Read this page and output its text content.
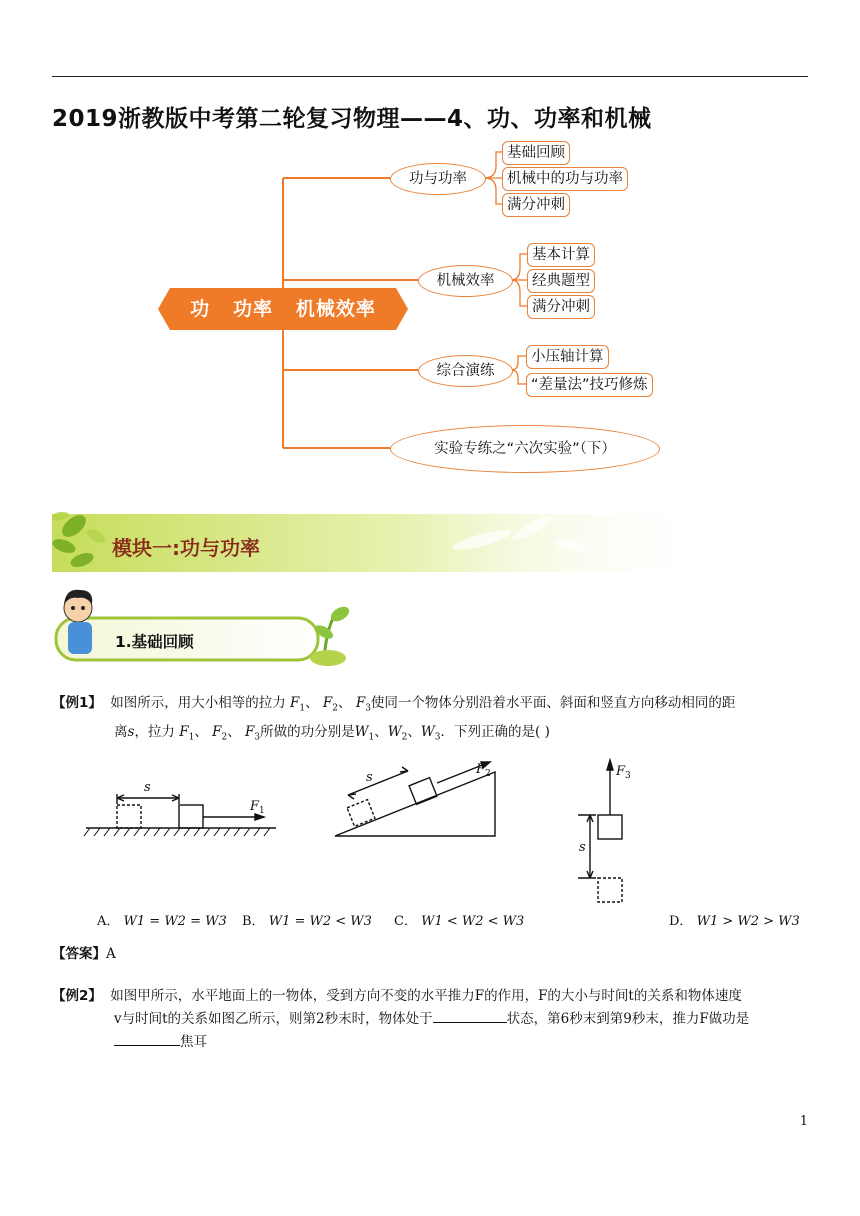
2019浙教版中考第二轮复习物理——4、功、功率和机械
功   功率   机械效率
功与功率
机械效率
综合演练
实验专练之“六次实验”（下）
基础回顾
机械中的功与功率
满分冲刺
基本计算
经典题型
满分冲刺
小压轴计算
“差量法”技巧修炼
模块一:功与功率
1.基础回顾
【例1】 如图所示，用大小相等的拉力 $F_1$、 $F_2$、 $F_3$使同一个物体分别沿着水平面、斜面和竖直方向移动相同的距
离s，拉力 $F_1$、 $F_2$、 $F_3$所做的功分别是$W_1$、$W_2$、$W_3$．下列正确的是( )
s
F 1
s
F 2	F 3
s
A． W1 = W2 = W3 B． W1 = W2 < W3 C． W1 < W2 < W3	D． W1 > W2 > W3
【答案】A
【例2】 如图甲所示，水平地面上的一物体，受到方向不变的水平推力F的作用，F的大小与时间t的关系和物体速度
v与时间t的关系如图乙所示，则第2秒末时，物体处于	状态，第6秒末到第9秒末，推力F做功是
焦耳
1
